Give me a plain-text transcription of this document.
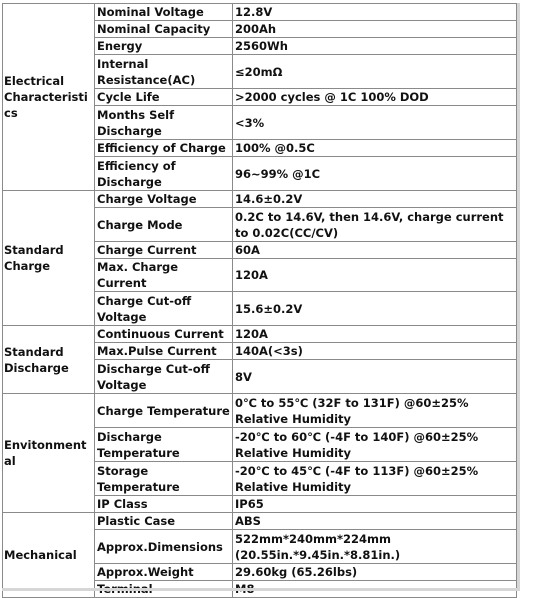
Electrical Characteristics	Nominal Voltage	12.8V
	Nominal Capacity	200Ah
	Energy	2560Wh
	Internal Resistance(AC)	≤20mΩ
	Cycle Life	>2000 cycles @ 1C 100% DOD
	Months Self Discharge	<3%
	Efficiency of Charge	100% @0.5C
	Efficiency of Discharge	96~99% @1C
Standard Charge	Charge Voltage	14.6±0.2V
	Charge Mode	0.2C to 14.6V, then 14.6V, charge current to 0.02C(CC/CV)
	Charge Current	60A
	Max. Charge Current	120A
	Charge Cut-off Voltage	15.6±0.2V
Standard Discharge	Continuous Current	120A
	Max.Pulse Current	140A(<3s)
	Discharge Cut-off Voltage	8V
Envitonmental	Charge Temperature	0℃ to 55℃ (32F to 131F) @60±25% Relative Humidity
	Discharge Temperature	-20℃ to 60℃ (-4F to 140F) @60±25% Relative Humidity
	Storage Temperature	-20℃ to 45℃ (-4F to 113F) @60±25% Relative Humidity
	IP Class	IP65
Mechanical	Plastic Case	ABS
	Approx.Dimensions	522mm*240mm*224mm (20.55in.*9.45in.*8.81in.)
	Approx.Weight	29.60kg (65.26lbs)
